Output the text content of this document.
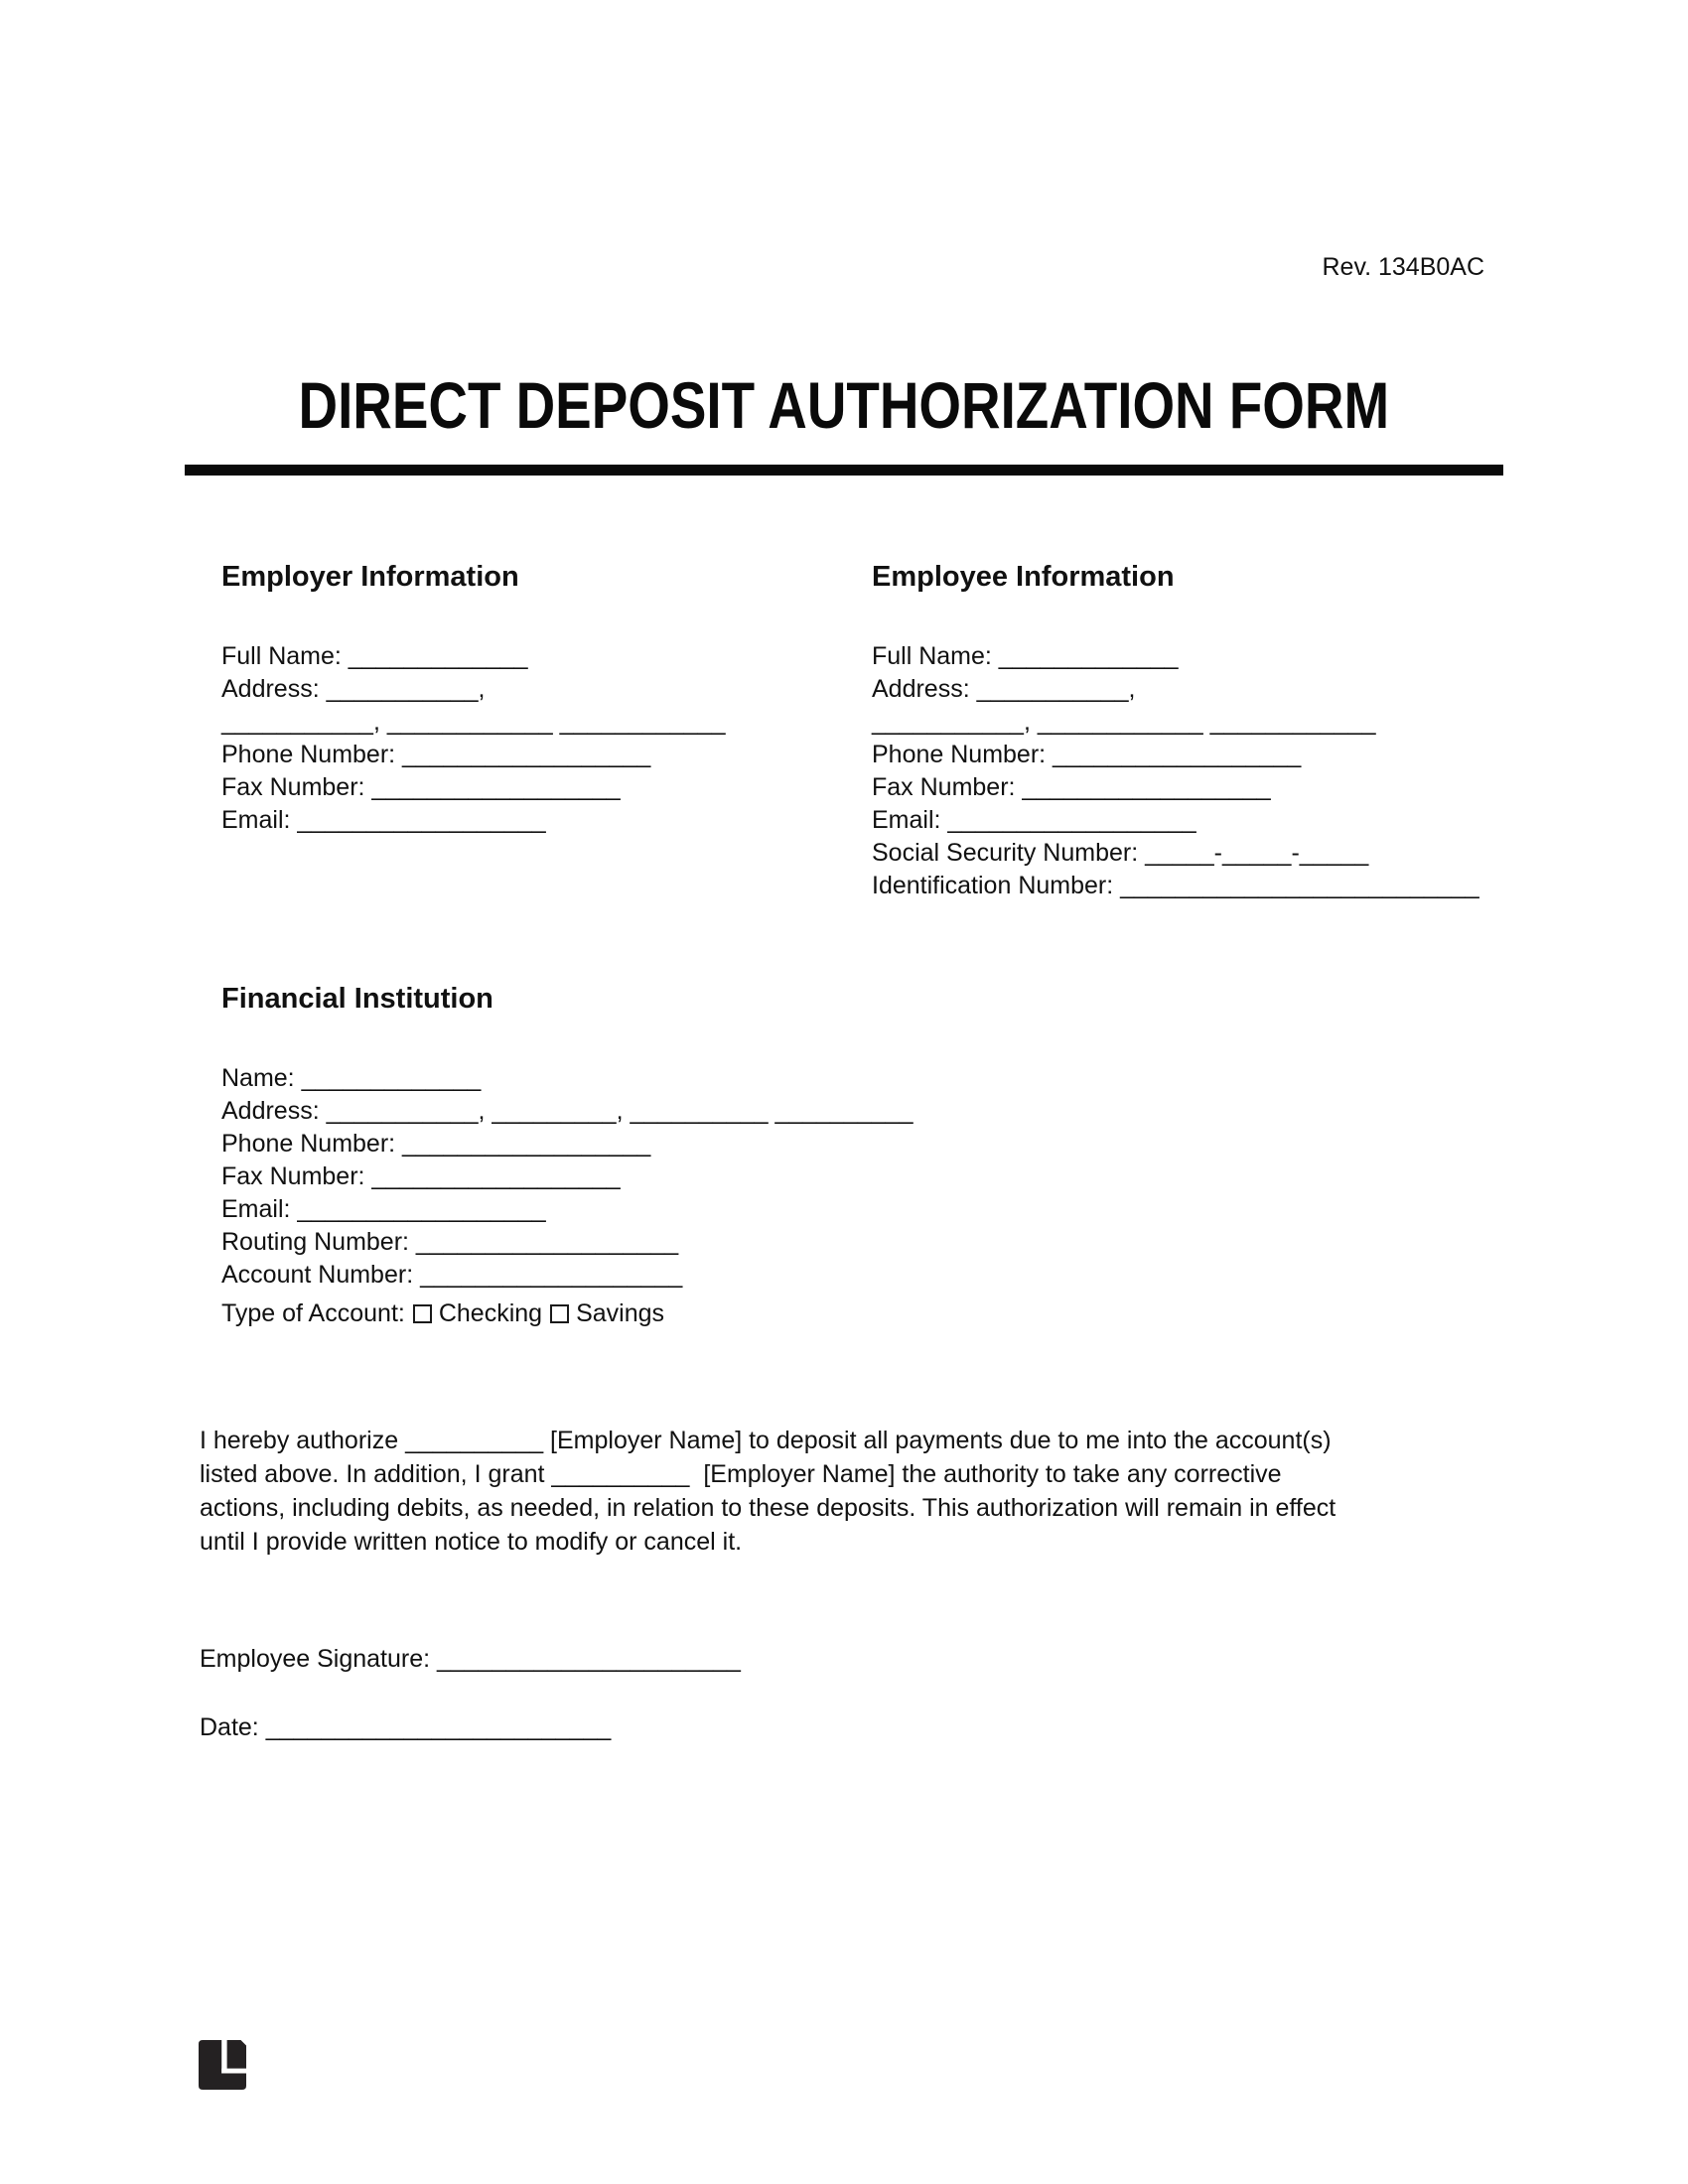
Rev. 134B0AC
DIRECT DEPOSIT AUTHORIZATION FORM
Employer Information
Full Name: _____________
Address: ___________,
___________, ____________ ____________
Phone Number: __________________
Fax Number: __________________
Email: __________________
Employee Information
Full Name: _____________
Address: ___________,
___________, ____________ ____________
Phone Number: __________________
Fax Number: __________________
Email: __________________
Social Security Number: _____-_____-_____
Identification Number: __________________________
Financial Institution
Name: _____________
Address: ___________, _________, __________ __________
Phone Number: __________________
Fax Number: __________________
Email: __________________
Routing Number: ___________________
Account Number: ___________________
Type of Account: Checking Savings
I hereby authorize __________ [Employer Name] to deposit all payments due to me into the account(s)
listed above. In addition, I grant __________  [Employer Name] the authority to take any corrective
actions, including debits, as needed, in relation to these deposits. This authorization will remain in effect
until I provide written notice to modify or cancel it.
Employee Signature: ______________________
Date: _________________________
